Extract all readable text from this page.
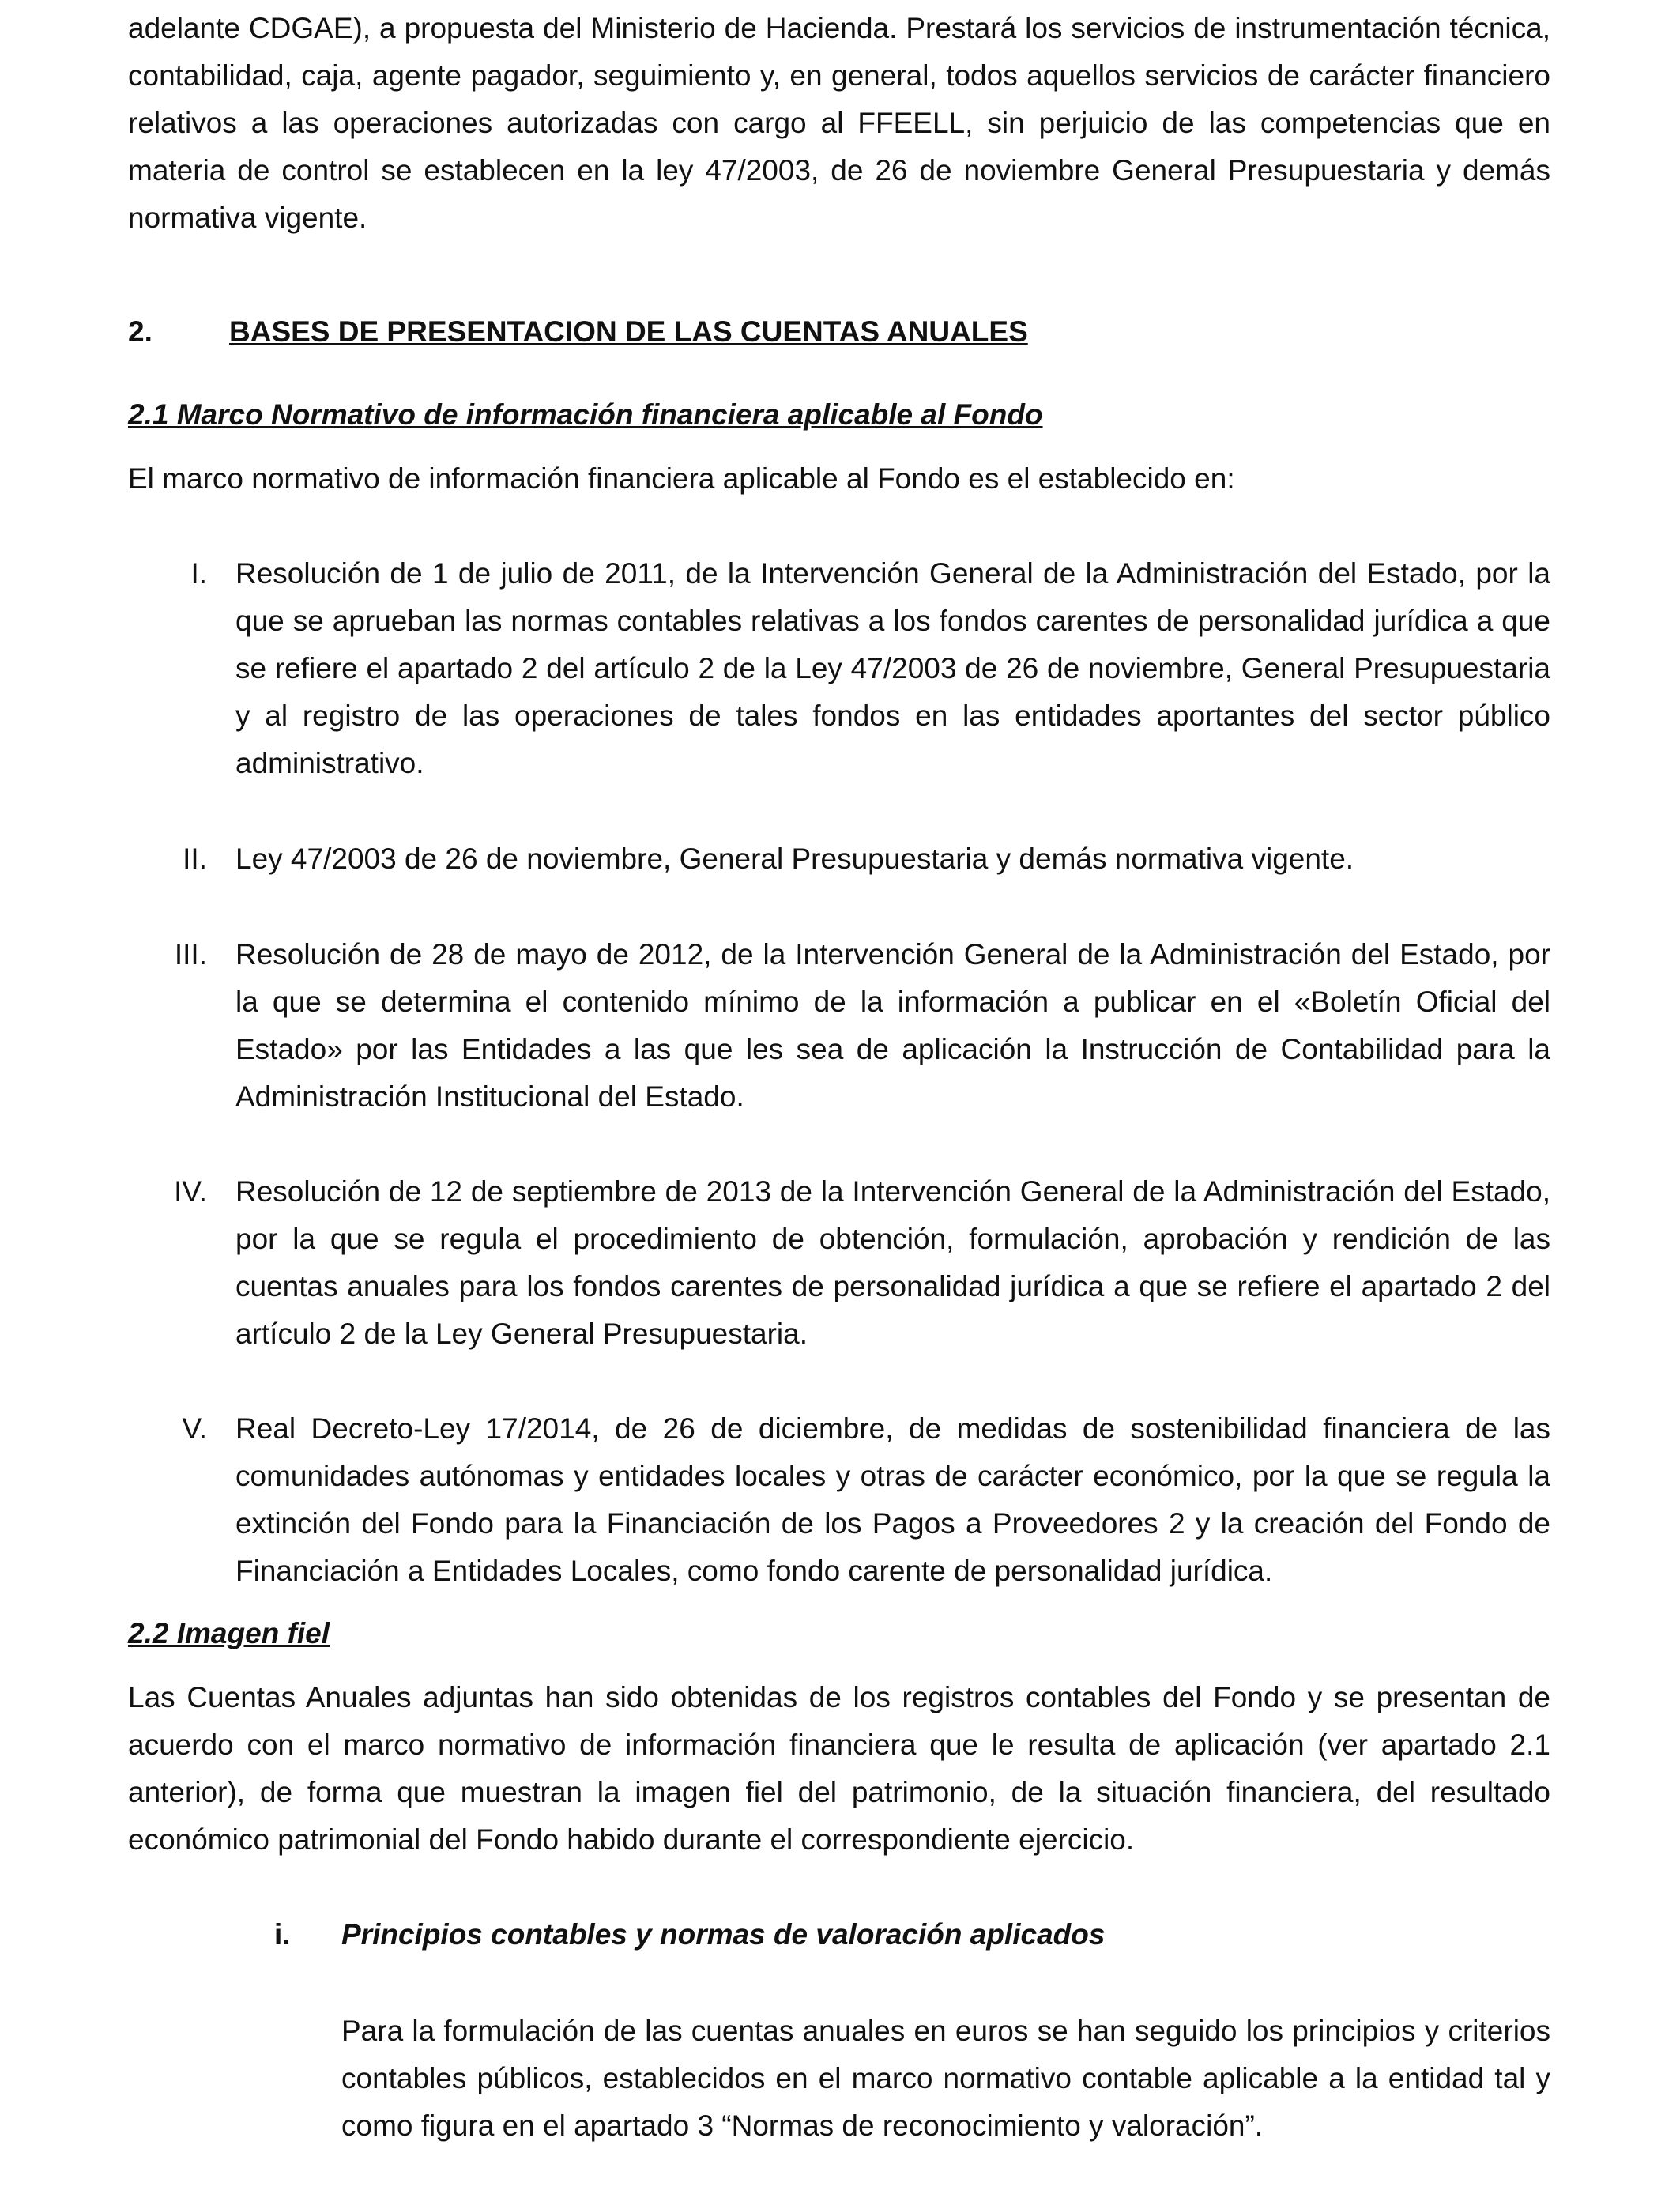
adelante CDGAE), a propuesta del Ministerio de Hacienda. Prestará los servicios de instrumentación técnica, contabilidad, caja, agente pagador, seguimiento y, en general, todos aquellos servicios de carácter financiero relativos a las operaciones autorizadas con cargo al FFEELL, sin perjuicio de las competencias que en materia de control se establecen en la ley 47/2003, de 26 de noviembre General Presupuestaria y demás normativa vigente.

2.	BASES DE PRESENTACION DE LAS CUENTAS ANUALES

2.1 Marco Normativo de información financiera aplicable al Fondo

El marco normativo de información financiera aplicable al Fondo es el establecido en:

I. Resolución de 1 de julio de 2011, de la Intervención General de la Administración del Estado, por la que se aprueban las normas contables relativas a los fondos carentes de personalidad jurídica a que se refiere el apartado 2 del artículo 2 de la Ley 47/2003 de 26 de noviembre, General Presupuestaria y al registro de las operaciones de tales fondos en las entidades aportantes del sector público administrativo.

II. Ley 47/2003 de 26 de noviembre, General Presupuestaria y demás normativa vigente.

III. Resolución de 28 de mayo de 2012, de la Intervención General de la Administración del Estado, por la que se determina el contenido mínimo de la información a publicar en el «Boletín Oficial del Estado» por las Entidades a las que les sea de aplicación la Instrucción de Contabilidad para la Administración Institucional del Estado.

IV. Resolución de 12 de septiembre de 2013 de la Intervención General de la Administración del Estado, por la que se regula el procedimiento de obtención, formulación, aprobación y rendición de las cuentas anuales para los fondos carentes de personalidad jurídica a que se refiere el apartado 2 del artículo 2 de la Ley General Presupuestaria.

V. Real Decreto-Ley 17/2014, de 26 de diciembre, de medidas de sostenibilidad financiera de las comunidades autónomas y entidades locales y otras de carácter económico, por la que se regula la extinción del Fondo para la Financiación de los Pagos a Proveedores 2 y la creación del Fondo de Financiación a Entidades Locales, como fondo carente de personalidad jurídica.

2.2 Imagen fiel

Las Cuentas Anuales adjuntas han sido obtenidas de los registros contables del Fondo y se presentan de acuerdo con el marco normativo de información financiera que le resulta de aplicación (ver apartado 2.1 anterior), de forma que muestran la imagen fiel del patrimonio, de la situación financiera, del resultado económico patrimonial del Fondo habido durante el correspondiente ejercicio.

i. Principios contables y normas de valoración aplicados

Para la formulación de las cuentas anuales en euros se han seguido los principios y criterios contables públicos, establecidos en el marco normativo contable aplicable a la entidad tal y como figura en el apartado 3 “Normas de reconocimiento y valoración”.
